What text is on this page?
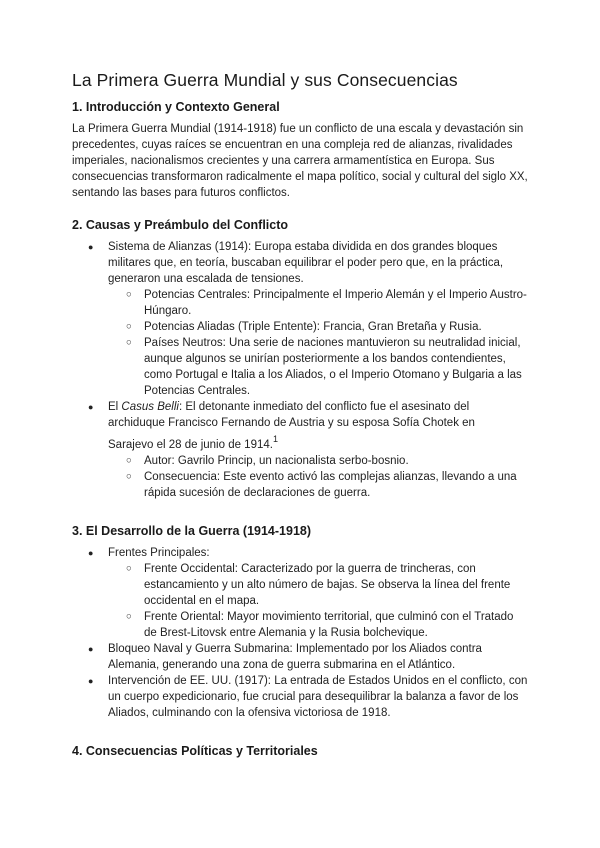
La Primera Guerra Mundial y sus Consecuencias
1. Introducción y Contexto General

La Primera Guerra Mundial (1914-1918) fue un conflicto de una escala y devastación sin precedentes, cuyas raíces se encuentran en una compleja red de alianzas, rivalidades imperiales, nacionalismos crecientes y una carrera armamentística en Europa. Sus consecuencias transformaron radicalmente el mapa político, social y cultural del siglo XX, sentando las bases para futuros conflictos.

2. Causas y Preámbulo del Conflicto
● Sistema de Alianzas (1914): Europa estaba dividida en dos grandes bloques militares que, en teoría, buscaban equilibrar el poder pero que, en la práctica, generaron una escalada de tensiones.
○ Potencias Centrales: Principalmente el Imperio Alemán y el Imperio Austro-Húngaro.
○ Potencias Aliadas (Triple Entente): Francia, Gran Bretaña y Rusia.
○ Países Neutros: Una serie de naciones mantuvieron su neutralidad inicial, aunque algunos se unirían posteriormente a los bandos contendientes, como Portugal e Italia a los Aliados, o el Imperio Otomano y Bulgaria a las Potencias Centrales.
● El Casus Belli: El detonante inmediato del conflicto fue el asesinato del archiduque Francisco Fernando de Austria y su esposa Sofía Chotek en Sarajevo el 28 de junio de 1914.$^1$
○ Autor: Gavrilo Princip, un nacionalista serbo-bosnio.
○ Consecuencia: Este evento activó las complejas alianzas, llevando a una rápida sucesión de declaraciones de guerra.
3. El Desarrollo de la Guerra (1914-1918)
● Frentes Principales:
○ Frente Occidental: Caracterizado por la guerra de trincheras, con estancamiento y un alto número de bajas. Se observa la línea del frente occidental en el mapa.
○ Frente Oriental: Mayor movimiento territorial, que culminó con el Tratado de Brest-Litovsk entre Alemania y la Rusia bolchevique.
● Bloqueo Naval y Guerra Submarina: Implementado por los Aliados contra Alemania, generando una zona de guerra submarina en el Atlántico.
● Intervención de EE. UU. (1917): La entrada de Estados Unidos en el conflicto, con un cuerpo expedicionario, fue crucial para desequilibrar la balanza a favor de los Aliados, culminando con la ofensiva victoriosa de 1918.
4. Consecuencias Políticas y Territoriales
